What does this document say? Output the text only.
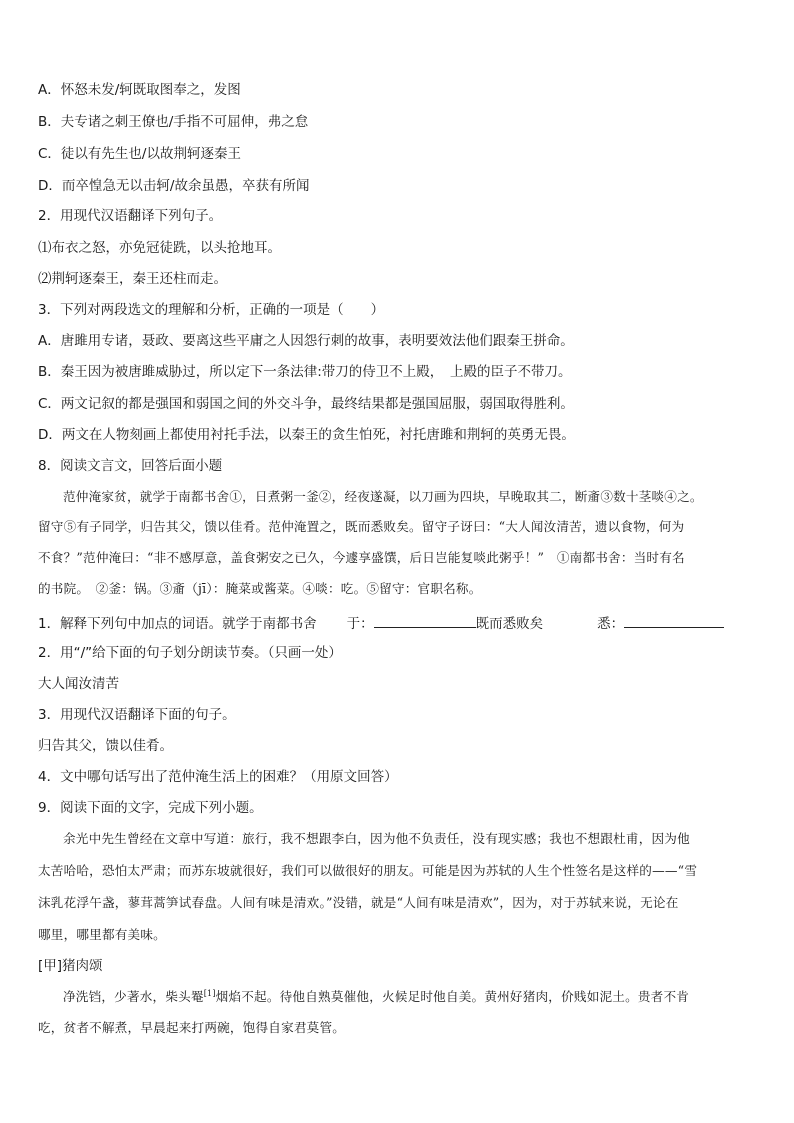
A．怀怒未发/轲既取图奉之，发图
B．夫专诸之刺王僚也/手指不可屈伸，弗之怠
C．徒以有先生也/以故荆轲逐秦王
D．而卒惶急无以击轲/故余虽愚，卒获有所闻
2．用现代汉语翻译下列句子。
⑴布衣之怒，亦免冠徒跣，以头抢地耳。
⑵荆轲逐秦王，秦王还柱而走。
3．下列对两段选文的理解和分析，正确的一项是（　　）
A．唐雎用专诸，聂政、要离这些平庸之人因怨行刺的故事，表明要效法他们跟秦王拼命。
B．秦王因为被唐雎威胁过，所以定下一条法律:带刀的侍卫不上殿，　上殿的臣子不带刀。
C．两文记叙的都是强国和弱国之间的外交斗争，最终结果都是强国屈服，弱国取得胜利。
D．两文在人物刻画上都使用衬托手法，以秦王的贪生怕死，衬托唐雎和荆轲的英勇无畏。
8．阅读文言文，回答后面小题
范仲淹家贫，就学于南都书舍①，日煮粥一釜②，经夜遂凝，以刀画为四块，早晚取其二，断齑③数十茎啖④之。
留守⑤有子同学，归告其父，馈以佳肴。范仲淹置之，既而悉败矣。留守子讶曰：“大人闻汝清苦，遗以食物，何为
不食？”范仲淹曰：“非不感厚意，盖食粥安之已久，今遽享盛馔，后日岂能复啖此粥乎！”　①南都书舍：当时有名
的书院。　②釜：锅。③齑（jī）：腌菜或酱菜。④啖：吃。⑤留守：官职名称。
1．解释下列句中加点的词语。就学于南都书舍 于：	既而悉败矣	悉：
2．用“/”给下面的句子划分朗读节奏。（只画一处）
大人闻汝清苦
3．用现代汉语翻译下面的句子。
归告其父，馈以佳肴。
4．文中哪句话写出了范仲淹生活上的困难？（用原文回答）
9．阅读下面的文字，完成下列小题。
余光中先生曾经在文章中写道：旅行，我不想跟李白，因为他不负责任，没有现实感；我也不想跟杜甫，因为他
太苦哈哈，恐怕太严肃；而苏东坡就很好，我们可以做很好的朋友。可能是因为苏轼的人生个性签名是这样的——“雪
沫乳花浮午盏，蓼茸蒿笋试春盘。人间有味是清欢。”没错，就是“人间有味是清欢”，因为，对于苏轼来说，无论在
哪里，哪里都有美味。
[甲]猪肉颂
净洗铛，少著水，柴头罨[1]烟焰不起。待他自熟莫催他，火候足时他自美。黄州好猪肉，价贱如泥土。贵者不肯
吃，贫者不解煮，早晨起来打两碗，饱得自家君莫管。
